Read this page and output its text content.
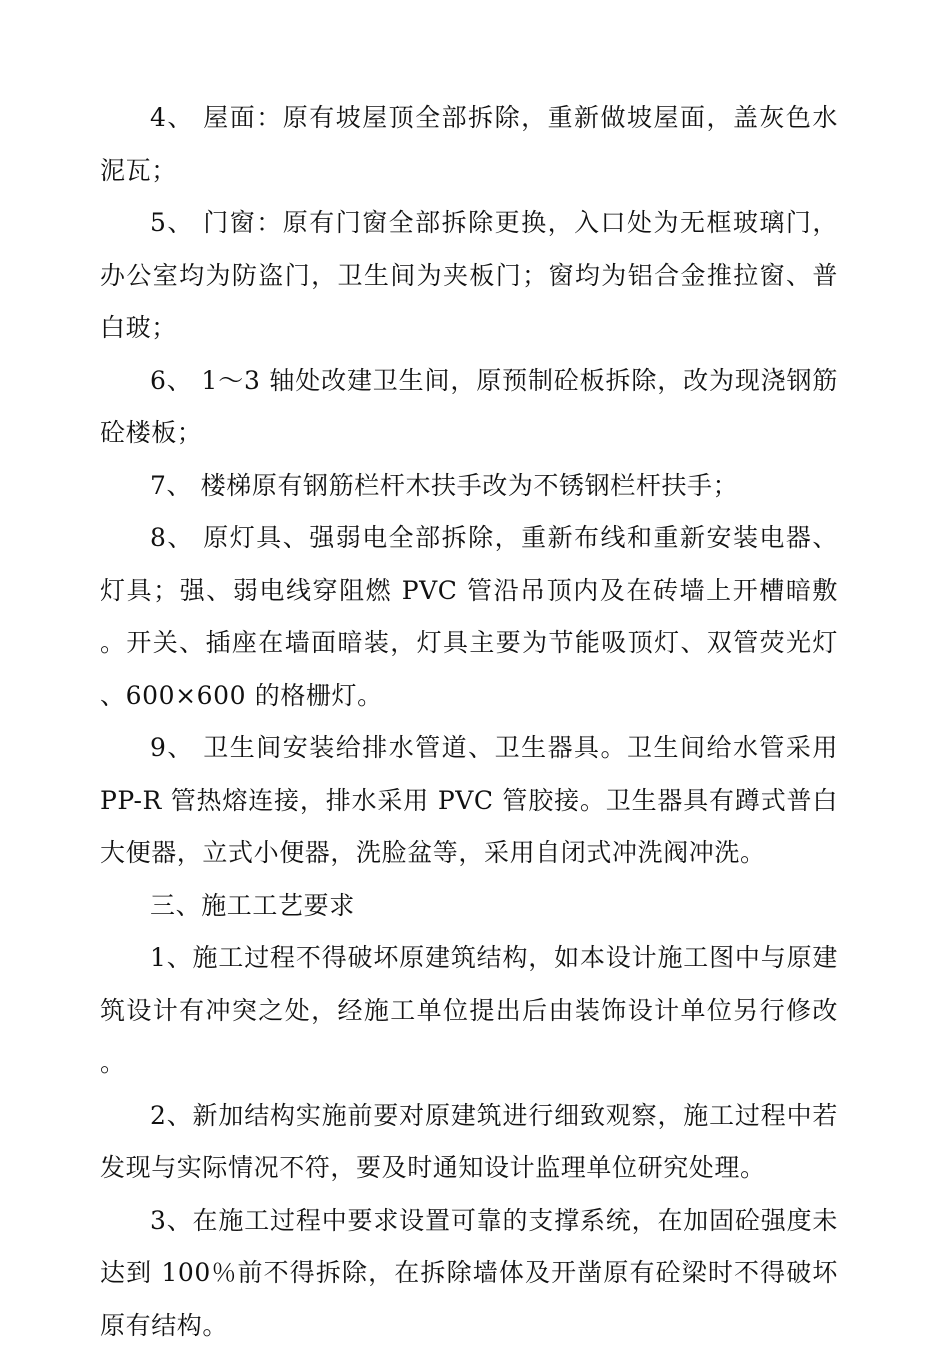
4、 屋面：原有坡屋顶全部拆除，重新做坡屋面，盖灰色水泥瓦；

5、 门窗：原有门窗全部拆除更换，入口处为无框玻璃门，办公室均为防盗门，卫生间为夹板门；窗均为铝合金推拉窗、普白玻；

6、 1～3 轴处改建卫生间，原预制砼板拆除，改为现浇钢筋砼楼板；

7、 楼梯原有钢筋栏杆木扶手改为不锈钢栏杆扶手；

8、 原灯具、强弱电全部拆除，重新布线和重新安装电器、灯具；强、弱电线穿阻燃 PVC 管沿吊顶内及在砖墙上开槽暗敷。开关、插座在墙面暗装，灯具主要为节能吸顶灯、双管荧光灯、600×600 的格栅灯。

9、 卫生间安装给排水管道、卫生器具。卫生间给水管采用 PP-R 管热熔连接，排水采用 PVC 管胶接。卫生器具有蹲式普白大便器，立式小便器，洗脸盆等，采用自闭式冲洗阀冲洗。

三、施工工艺要求

1、施工过程不得破坏原建筑结构，如本设计施工图中与原建筑设计有冲突之处，经施工单位提出后由装饰设计单位另行修改。

2、新加结构实施前要对原建筑进行细致观察，施工过程中若发现与实际情况不符，要及时通知设计监理单位研究处理。

3、在施工过程中要求设置可靠的支撑系统，在加固砼强度未达到 100％前不得拆除，在拆除墙体及开凿原有砼梁时不得破坏原有结构。
